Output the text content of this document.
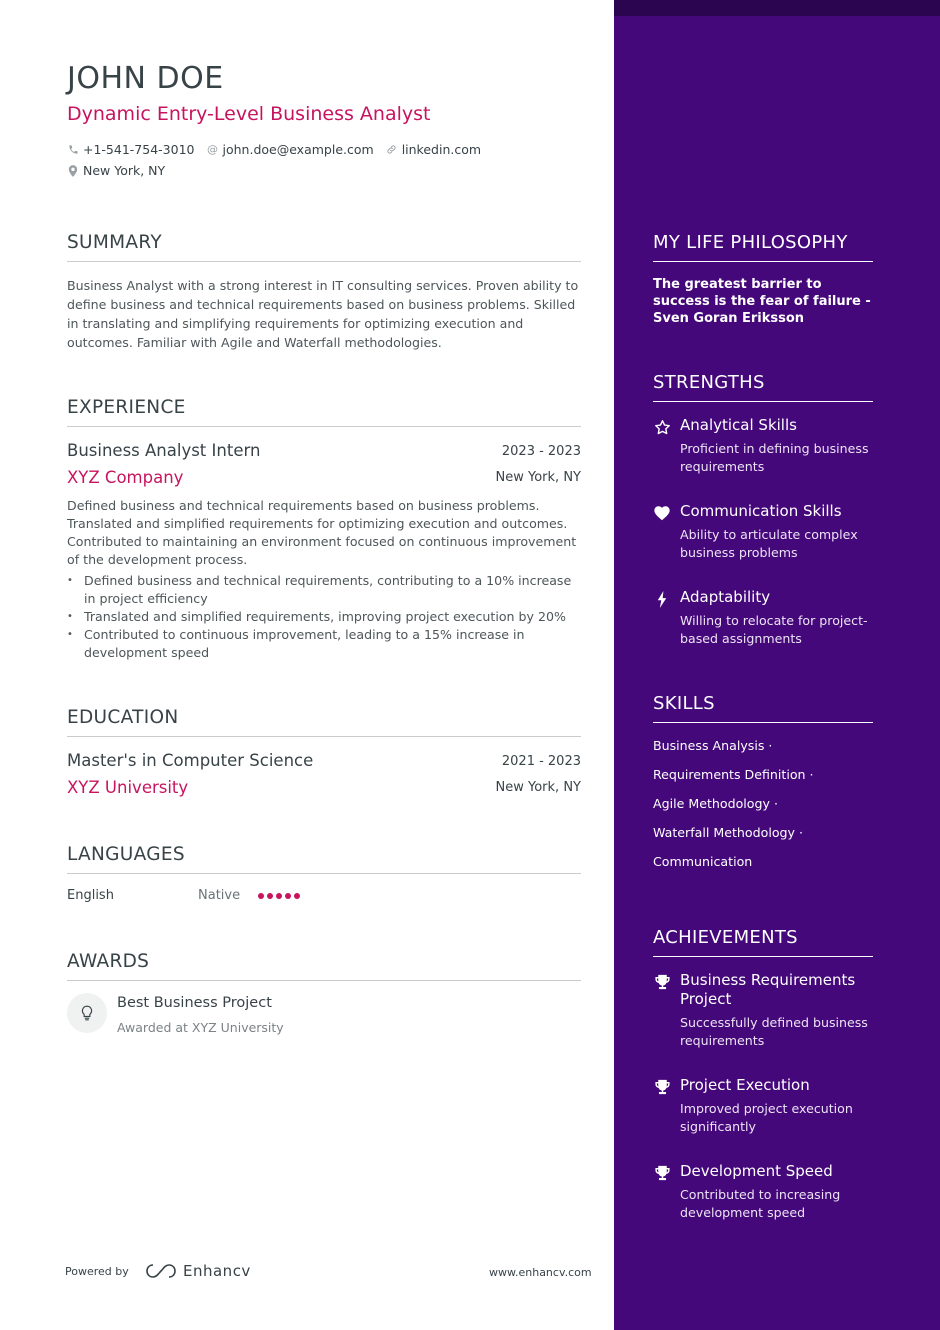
JOHN DOE
Dynamic Entry-Level Business Analyst
+1-541-754-3010 @ john.doe@example.com linkedin.com
New York, NY
SUMMARY

Business Analyst with a strong interest in IT consulting services. Proven ability to define business and technical requirements based on business problems. Skilled in translating and simplifying requirements for optimizing execution and outcomes. Familiar with Agile and Waterfall methodologies.

EXPERIENCE
Business Analyst Intern	2023 - 2023
XYZ Company	New York, NY

Defined business and technical requirements based on business problems. Translated and simplified requirements for optimizing execution and outcomes. Contributed to maintaining an environment focused on continuous improvement of the development process.

• Defined business and technical requirements, contributing to a 10% increase in project efficiency
• Translated and simplified requirements, improving project execution by 20%
• Contributed to continuous improvement, leading to a 15% increase in development speed
EDUCATION
Master's in Computer Science	2021 - 2023
XYZ University	New York, NY
LANGUAGES
English	Native
AWARDS
Best Business Project
Awarded at XYZ University
Powered by	Enhancv	www.enhancv.com
MY LIFE PHILOSOPHY

The greatest barrier to success is the fear of failure - Sven Goran Eriksson

STRENGTHS
Analytical Skills
Proficient in defining business requirements
Communication Skills
Ability to articulate complex business problems
Adaptability
Willing to relocate for project-based assignments
SKILLS
Business Analysis ·
Requirements Definition ·
Agile Methodology ·
Waterfall Methodology ·
Communication
ACHIEVEMENTS
Business Requirements Project
Successfully defined business requirements
Project Execution
Improved project execution significantly
Development Speed
Contributed to increasing development speed
